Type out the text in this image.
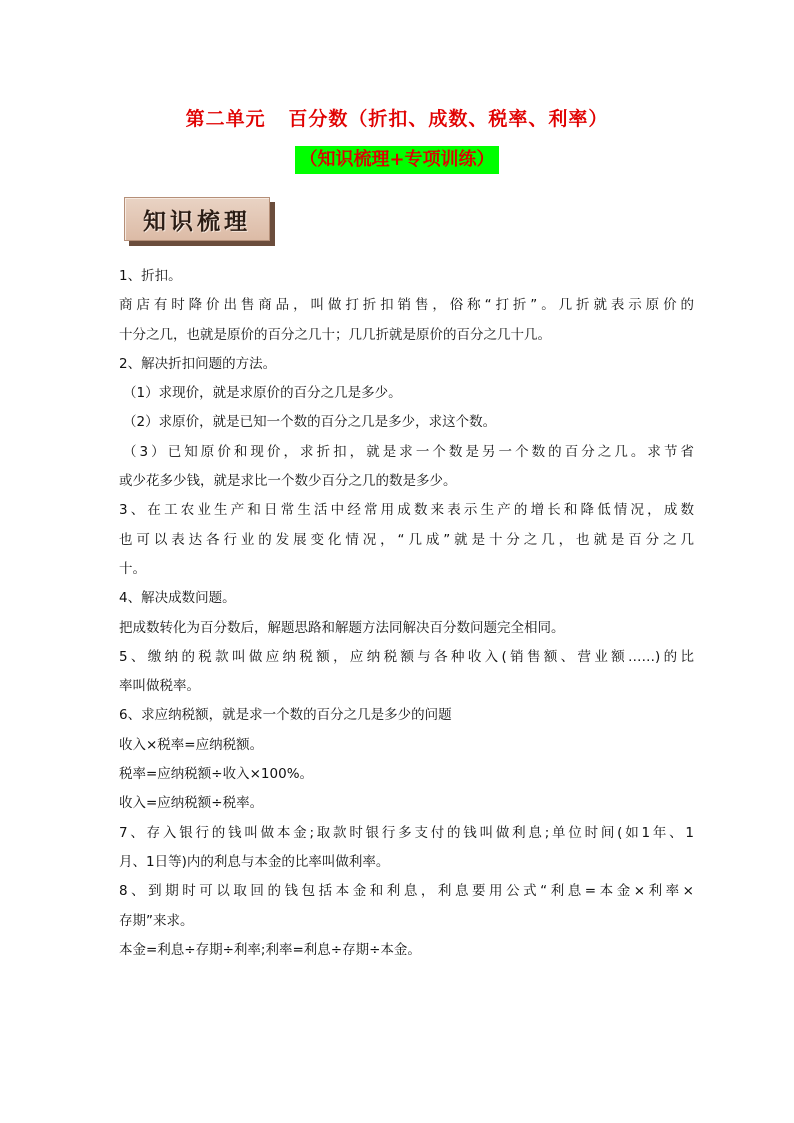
第二单元   百分数（折扣、成数、税率、利率）
（知识梳理+专项训练）
知识梳理
1、折扣。
商店有时降价出售商品，叫做打折扣销售，俗称“打折”。几折就表示原价的
十分之几，也就是原价的百分之几十；几几折就是原价的百分之几十几。
2、解决折扣问题的方法。
（1）求现价，就是求原价的百分之几是多少。
（2）求原价，就是已知一个数的百分之几是多少，求这个数。
（3）已知原价和现价，求折扣，就是求一个数是另一个数的百分之几。求节省
或少花多少钱，就是求比一个数少百分之几的数是多少。
3、在工农业生产和日常生活中经常用成数来表示生产的增长和降低情况，成数
也可以表达各行业的发展变化情况，“几成”就是十分之几，也就是百分之几
十。
4、解决成数问题。
把成数转化为百分数后，解题思路和解题方法同解决百分数问题完全相同。
5、缴纳的税款叫做应纳税额，应纳税额与各种收入(销售额、营业额……)的比
率叫做税率。
6、求应纳税额，就是求一个数的百分之几是多少的问题
收入×税率=应纳税额。
税率=应纳税额÷收入×100%。
收入=应纳税额÷税率。
7、存入银行的钱叫做本金;取款时银行多支付的钱叫做利息;单位时间(如1年、1
月、1日等)内的利息与本金的比率叫做利率。
8、到期时可以取回的钱包括本金和利息，利息要用公式“利息=本金×利率×
存期”来求。
本金=利息÷存期÷利率;利率=利息÷存期÷本金。
